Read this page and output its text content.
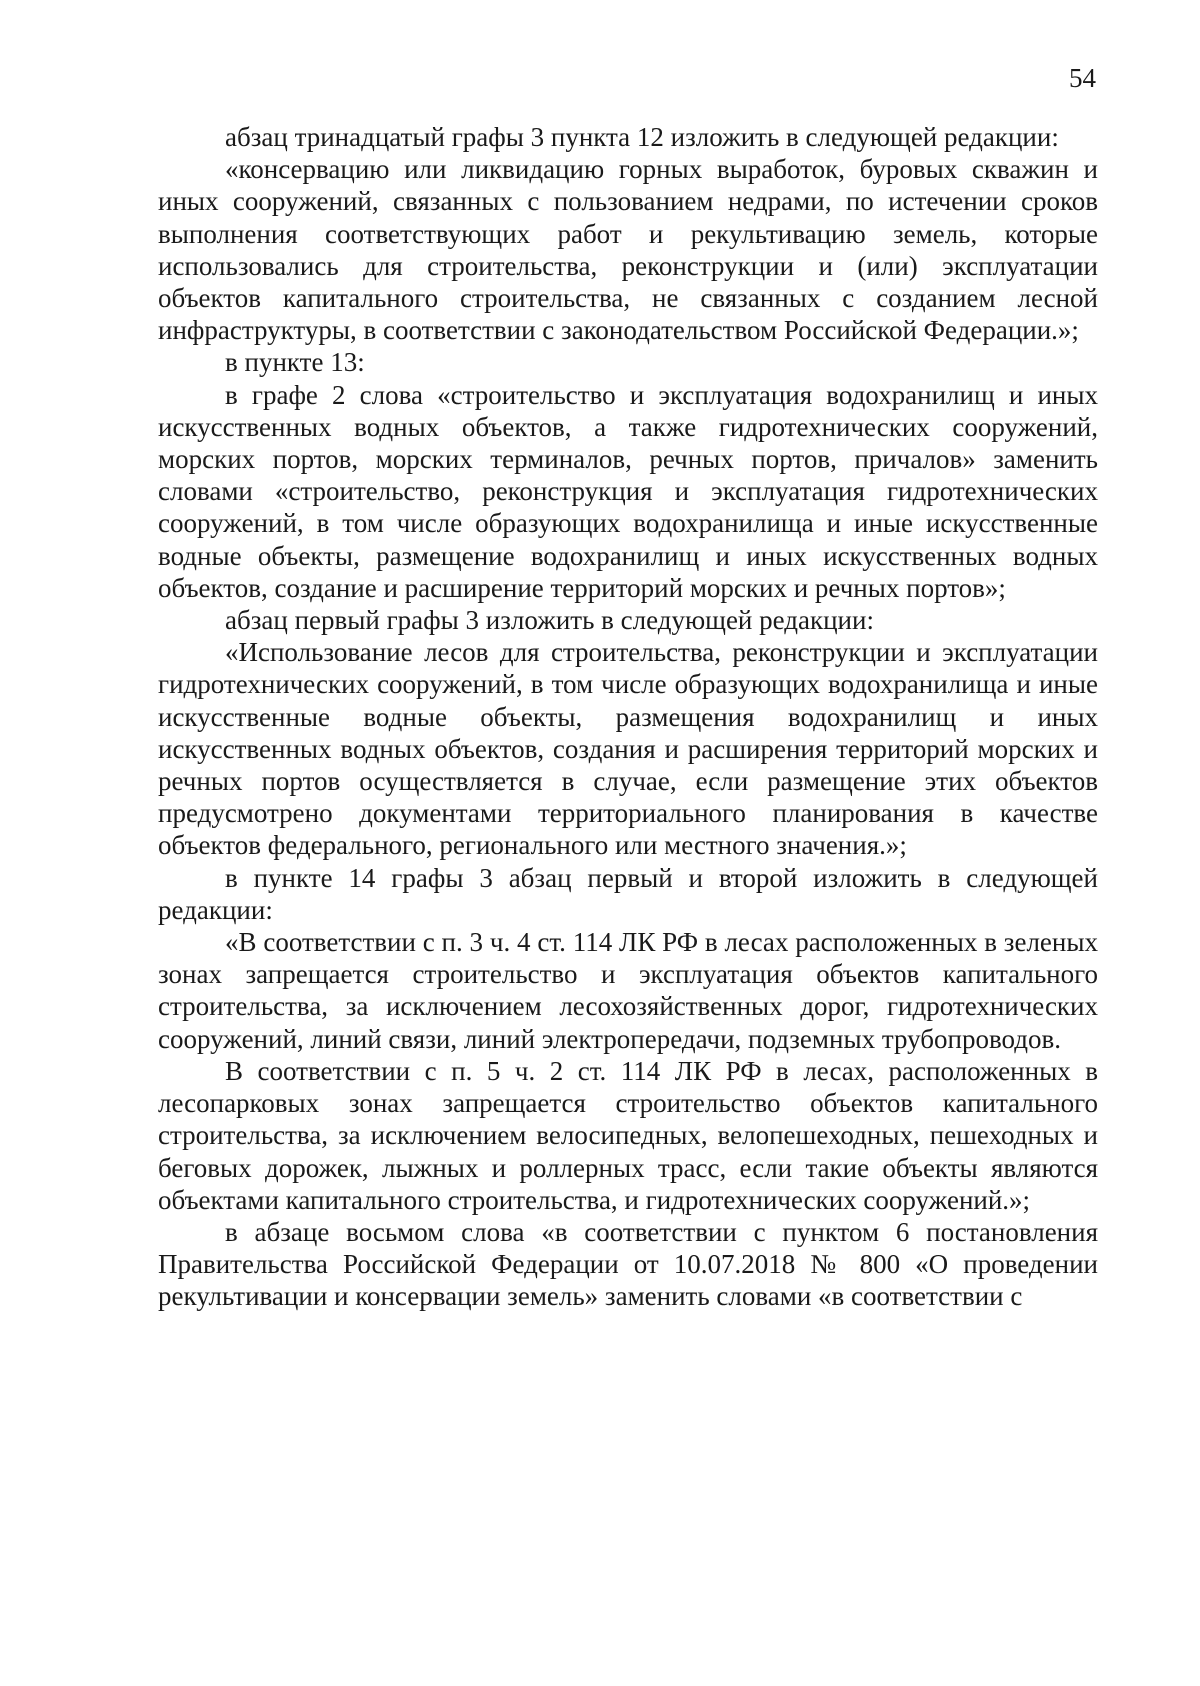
54

абзац тринадцатый графы 3 пункта 12 изложить в следующей редакции:

«консервацию или ликвидацию горных выработок, буровых скважин и иных сооружений, связанных с пользованием недрами, по истечении сроков выполнения соответствующих работ и рекультивацию земель, которые использовались для строительства, реконструкции и (или) эксплуатации объектов капитального строительства, не связанных с созданием лесной инфраструктуры, в соответствии с законодательством Российской Федерации.»;

в пункте 13:

в графе 2 слова «строительство и эксплуатация водохранилищ и иных искусственных водных объектов, а также гидротехнических сооружений, морских портов, морских терминалов, речных портов, причалов» заменить словами «строительство, реконструкция и эксплуатация гидротехнических сооружений, в том числе образующих водохранилища и иные искусственные водные объекты, размещение водохранилищ и иных искусственных водных объектов, создание и расширение территорий морских и речных портов»;

абзац первый графы 3 изложить в следующей редакции:

«Использование лесов для строительства, реконструкции и эксплуатации гидротехнических сооружений, в том числе образующих водохранилища и иные искусственные водные объекты, размещения водохранилищ и иных искусственных водных объектов, создания и расширения территорий морских и речных портов осуществляется в случае, если размещение этих объектов предусмотрено документами территориального планирования в качестве объектов федерального, регионального или местного значения.»;

в пункте 14 графы 3 абзац первый и второй изложить в следующей редакции:

«В соответствии с п. 3 ч. 4 ст. 114 ЛК РФ в лесах расположенных в зеленых зонах запрещается строительство и эксплуатация объектов капитального строительства, за исключением лесохозяйственных дорог, гидротехнических сооружений, линий связи, линий электропередачи, подземных трубопроводов.

В соответствии с п. 5 ч. 2 ст. 114 ЛК РФ в лесах, расположенных в лесопарковых зонах запрещается строительство объектов капитального строительства, за исключением велосипедных, велопешеходных, пешеходных и беговых дорожек, лыжных и роллерных трасс, если такие объекты являются объектами капитального строительства, и гидротехнических сооружений.»;

в абзаце восьмом слова «в соответствии с пунктом 6 постановления Правительства Российской Федерации от 10.07.2018 № 800 «О проведении рекультивации и консервации земель» заменить словами «в соответствии с
